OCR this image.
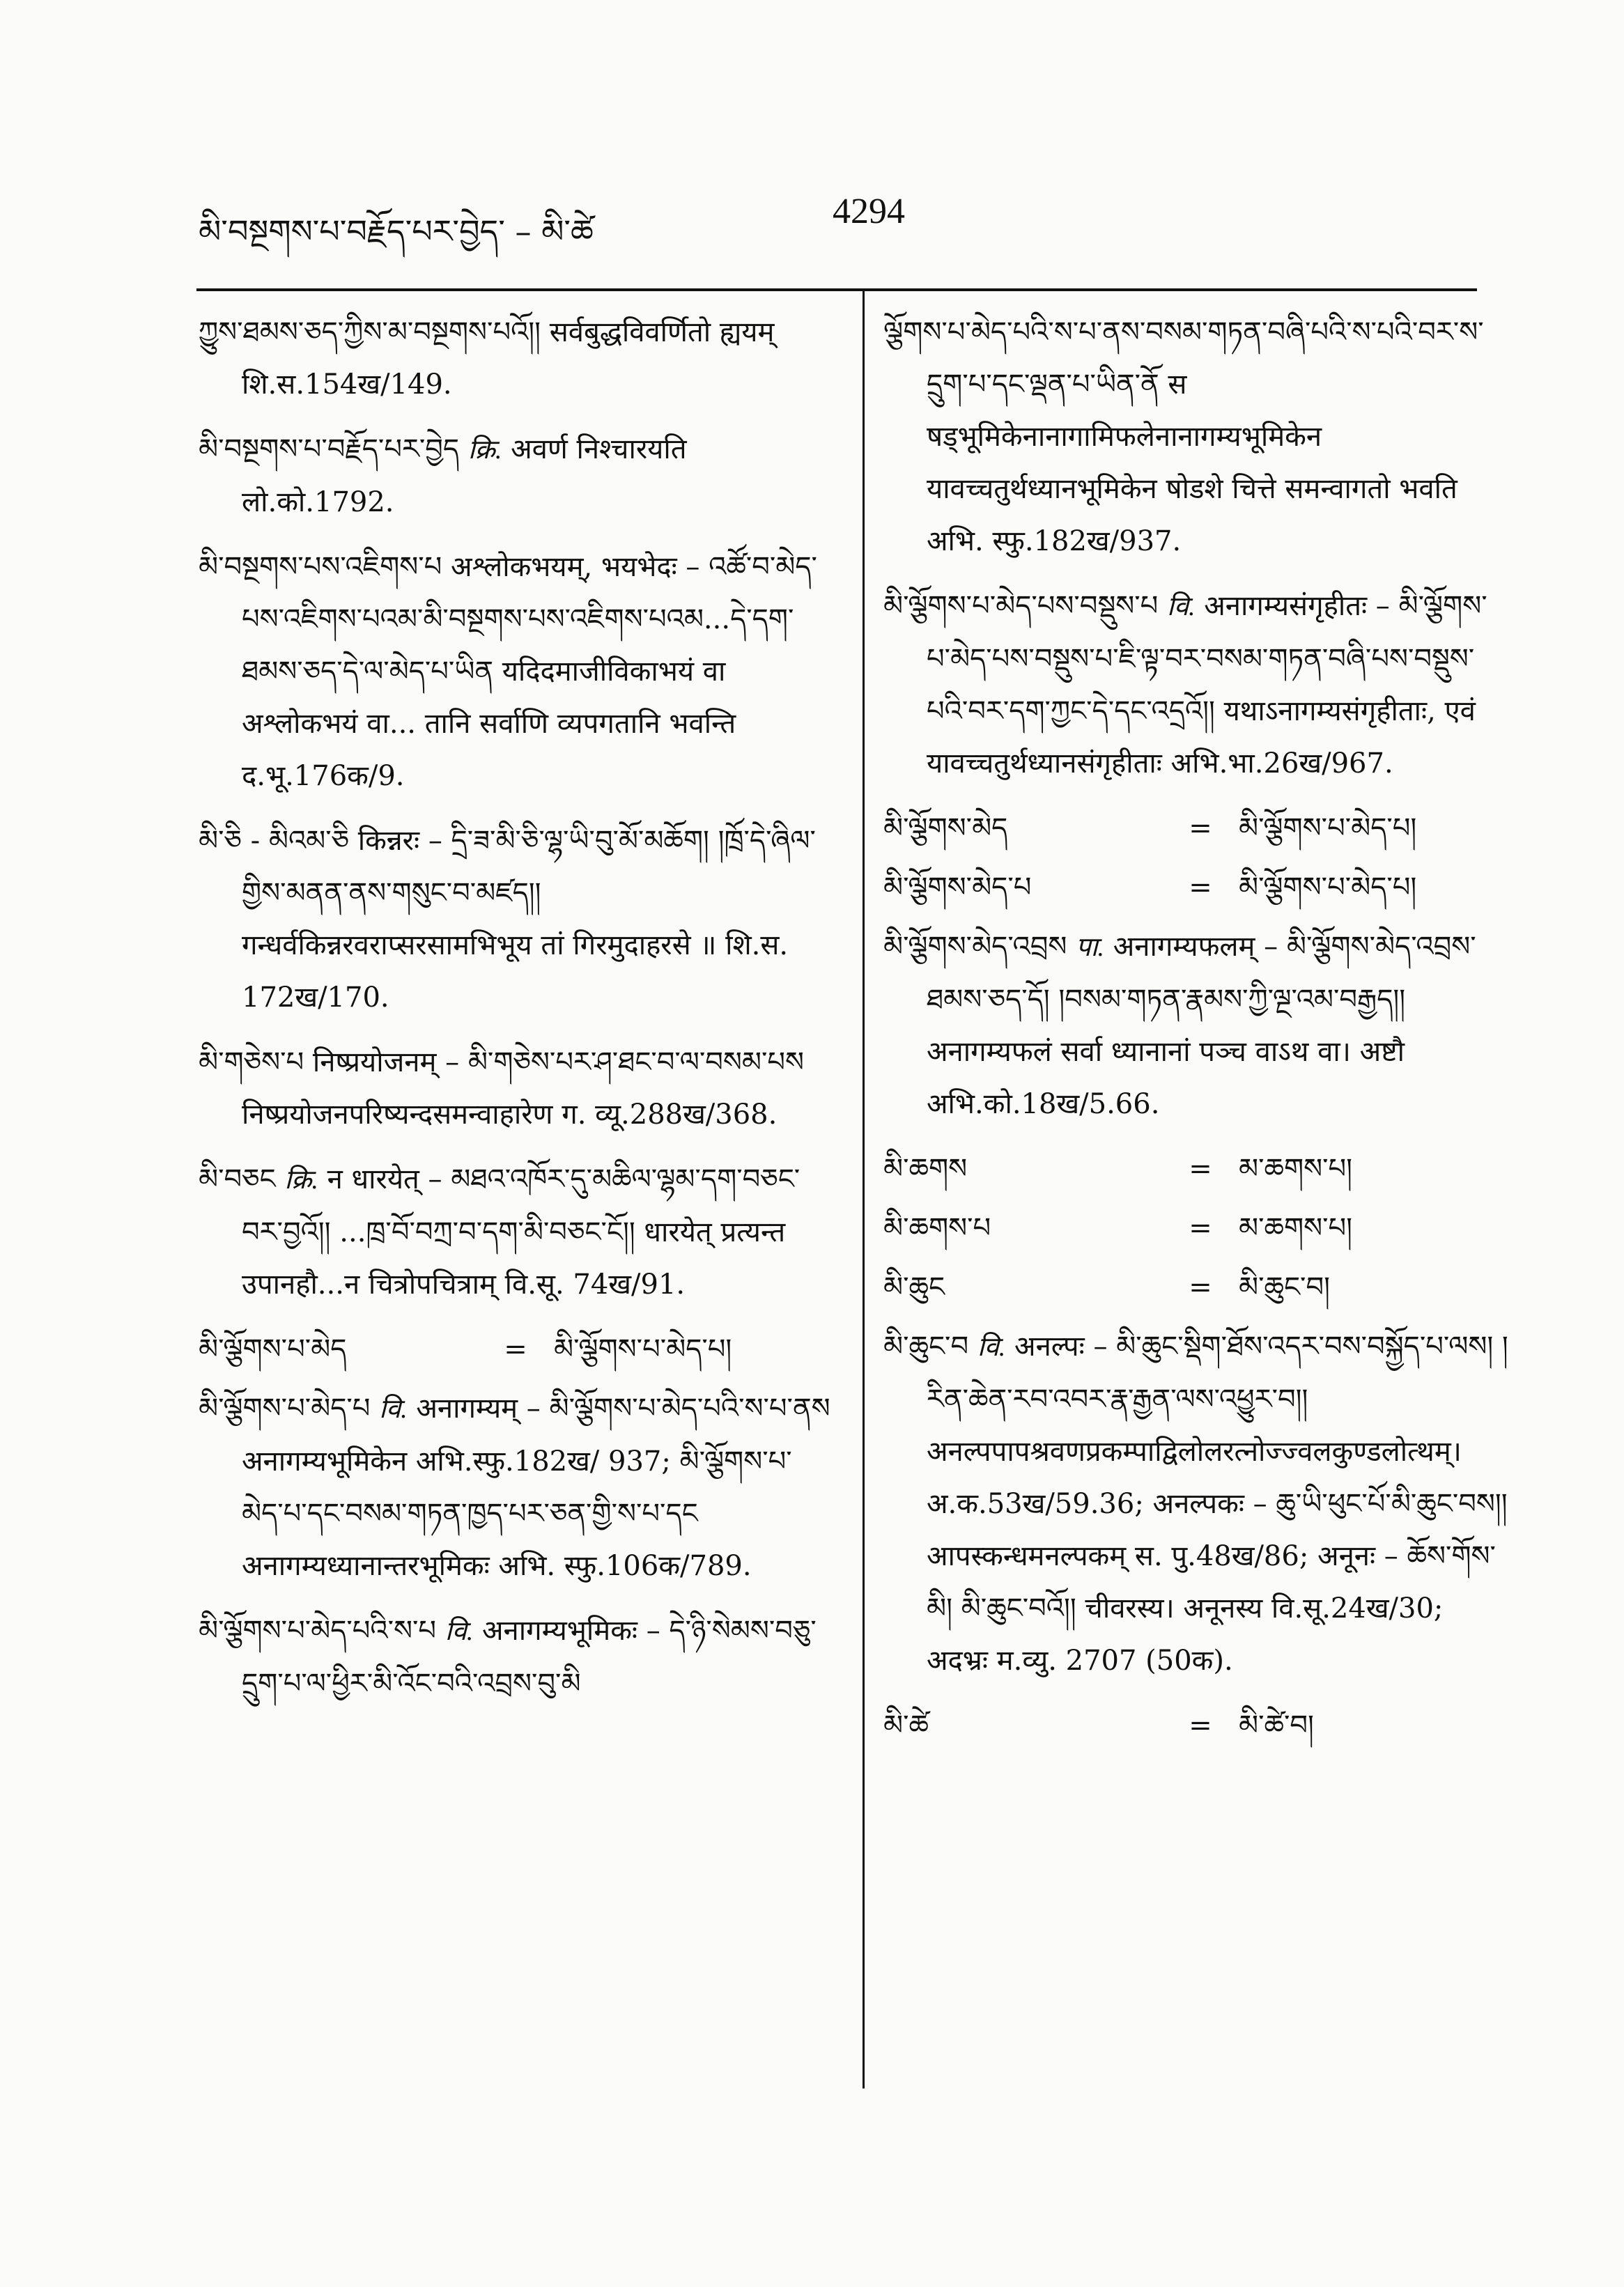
མི་བསྔགས་པ་བརྗོད་པར་བྱེད་ – མི་ཚེ	4294
ཀྱུས་ཐམས་ཅད་ཀྱིས་མ་བསྔགས་པའོ།། सर्वबुद्धविवर्णितो ह्ययम् शि.स.154ख/149.
མི་བསྔགས་པ་བརྗོད་པར་བྱེད क्रि. अवर्ण निश्चारयति लो.को.1792.
མི་བསྔགས་པས་འཇིགས་པ अश्लोकभयम्, भयभेदः – འཚོ་བ་མེད་པས་འཇིགས་པའམ་མི་བསྔགས་པས་འཇིགས་པའམ...དེ་དག་ཐམས་ཅད་དེ་ལ་མེད་པ་ཡིན यदिदमाजीविकाभयं वा अश्लोकभयं वा... तानि सर्वाणि व्यपगतानि भवन्ति द.भू.176क/9.
མི་ཅི - མིའམ་ཅི किन्नरः – དྲི་ཟ་མི་ཅི་ལྷ་ཡི་བུ་མོ་མཆོག། །ཁྲོ་དེ་ཞིལ་གྱིས་མནན་ནས་གསུང་བ་མཛད།། गन्धर्वकिन्नरवराप्सरसामभिभूय तां गिरमुदाहरसे ॥ शि.स. 172ख/170.
མི་གཅེས་པ निष्प्रयोजनम् – མི་གཅེས་པར་ཤ་ཐང་བ་ལ་བསམ་པས निष्प्रयोजनपरिष्यन्दसमन्वाहारेण ग. व्यू.288ख/368.
མི་བཅང क्रि. न धारयेत् – མཐའ་འཁོར་དུ་མཆིལ་ལྷམ་དག་བཅང་བར་བྱའོ།། ...ཁྲ་བོ་བཀྲ་བ་དག་མི་བཅང་ངོ།། धारयेत् प्रत्यन्त उपानहौ...न चित्रोपचित्राम् वि.सू. 74ख/91.
མི་ལྕོགས་པ་མེད	= མི་ལྕོགས་པ་མེད་པ།
མི་ལྕོགས་པ་མེད་པ वि. अनागम्यम् – མི་ལྕོགས་པ་མེད་པའི་ས་པ་ནས अनागम्यभूमिकेन अभि.स्फु.182ख/ 937; མི་ལྕོགས་པ་མེད་པ་དང་བསམ་གཏན་ཁྱད་པར་ཅན་གྱི་ས་པ་དང अनागम्यध्यानान्तरभूमिकः अभि. स्फु.106क/789.
མི་ལྕོགས་པ་མེད་པའི་ས་པ वि. अनागम्यभूमिकः – དེ་ཉི་སེམས་བཅུ་དྲུག་པ་ལ་ཕྱིར་མི་འོང་བའི་འབྲས་བུ་མི
ལྕོགས་པ་མེད་པའི་ས་པ་ནས་བསམ་གཏན་བཞི་པའི་ས་པའི་བར་ས་དྲུག་པ་དང་ལྡན་པ་ཡིན་ནོ स षड्भूमिकेनानागामिफलेनानागम्यभूमिकेन यावच्चतुर्थध्यानभूमिकेन षोडशे चित्ते समन्वागतो भवति अभि. स्फु.182ख/937.
མི་ལྕོགས་པ་མེད་པས་བསྡུས་པ वि. अनागम्यसंगृहीतः – མི་ལྕོགས་པ་མེད་པས་བསྡུས་པ་ཇི་ལྟ་བར་བསམ་གཏན་བཞི་པས་བསྡུས་པའི་བར་དག་ཀྱང་དེ་དང་འདྲའོ།། यथाऽनागम्यसंगृहीताः, एवं यावच्चतुर्थध्यानसंगृहीताः अभि.भा.26ख/967.
མི་ལྕོགས་མེད	= མི་ལྕོགས་པ་མེད་པ།
མི་ལྕོགས་མེད་པ	= མི་ལྕོགས་པ་མེད་པ།
མི་ལྕོགས་མེད་འབྲས पा. अनागम्यफलम् – མི་ལྕོགས་མེད་འབྲས་ཐམས་ཅད་དོ། །བསམ་གཏན་རྣམས་ཀྱི་ལྔ་འམ་བརྒྱད།། अनागम्यफलं सर्वा ध्यानानां पञ्च वाऽथ वा। अष्टौ अभि.को.18ख/5.66.
མི་ཆགས	= མ་ཆགས་པ།
མི་ཆགས་པ	= མ་ཆགས་པ།
མི་ཆུང	= མི་ཆུང་བ།
མི་ཆུང་བ वि. अनल्पः – མི་ཆུང་སྡིག་ཐོས་འདར་བས་བསྐྱོད་པ་ལས། །རིན་ཆེན་རབ་འབར་རྣ་རྒྱན་ལས་འཕྱུར་བ།། अनल्पपापश्रवणप्रकम्पाद्विलोलरत्नोज्ज्वलकुण्डलोत्थम्। अ.क.53ख/59.36; अनल्पकः – ཆུ་ཡི་ཕུང་པོ་མི་ཆུང་བས།། आपस्कन्धमनल्पकम् स. पु.48ख/86; अनूनः – ཆོས་གོས་མི། མི་ཆུང་བའོ།། चीवरस्य। अनूनस्य वि.सू.24ख/30; अदभ्रः म.व्यु. 2707 (50क).
མི་ཚེ	= མི་ཚེ་བ།
